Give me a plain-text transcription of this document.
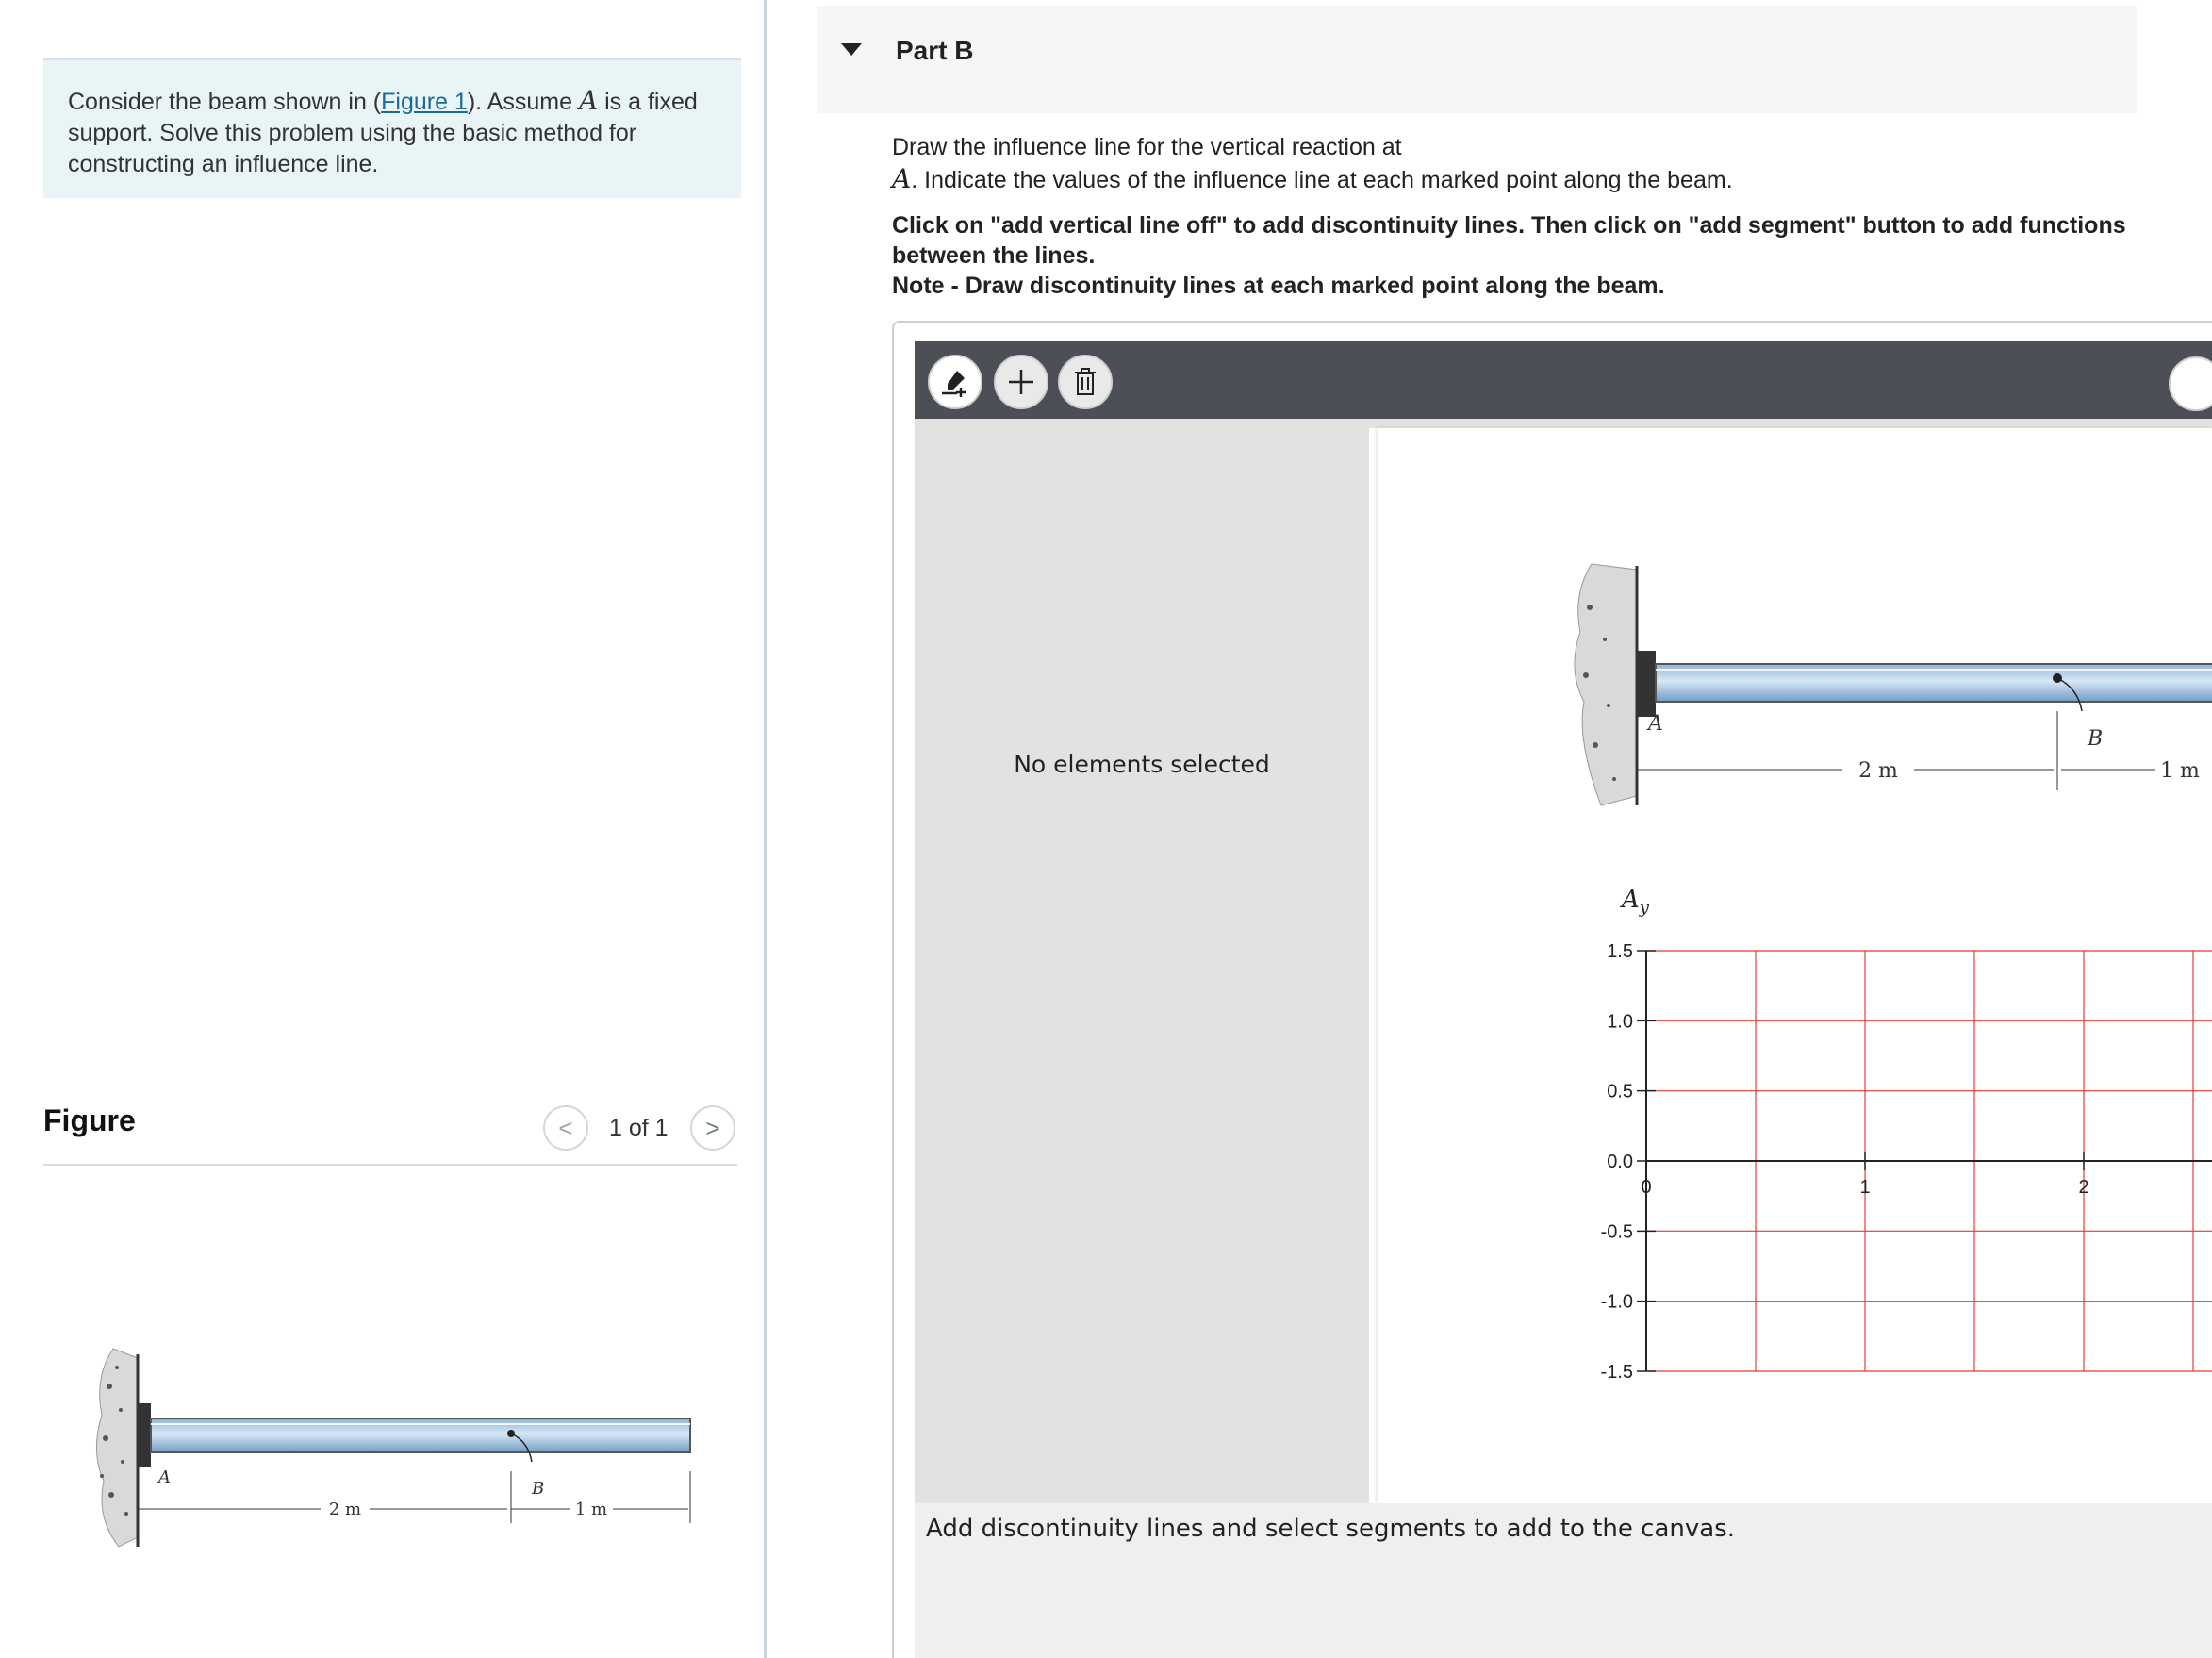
Consider the beam shown in (Figure 1). Assume A is a fixed support. Solve this problem using the basic method for constructing an influence line.
Figure	< 1 of 1 >
A
B
2 m	1 m
Part B
Draw the influence line for the vertical reaction at
A. Indicate the values of the influence line at each marked point along the beam.
Click on "add vertical line off" to add discontinuity lines. Then click on "add segment" button to add functions between the lines.
Note - Draw discontinuity lines at each marked point along the beam.
No elements selected
A
B
2 m	1 m
$A_y$
1.5
1.0
0.5
0.0
-0.5
-1.0
-1.5
0	1	2
Add discontinuity lines and select segments to add to the canvas.
